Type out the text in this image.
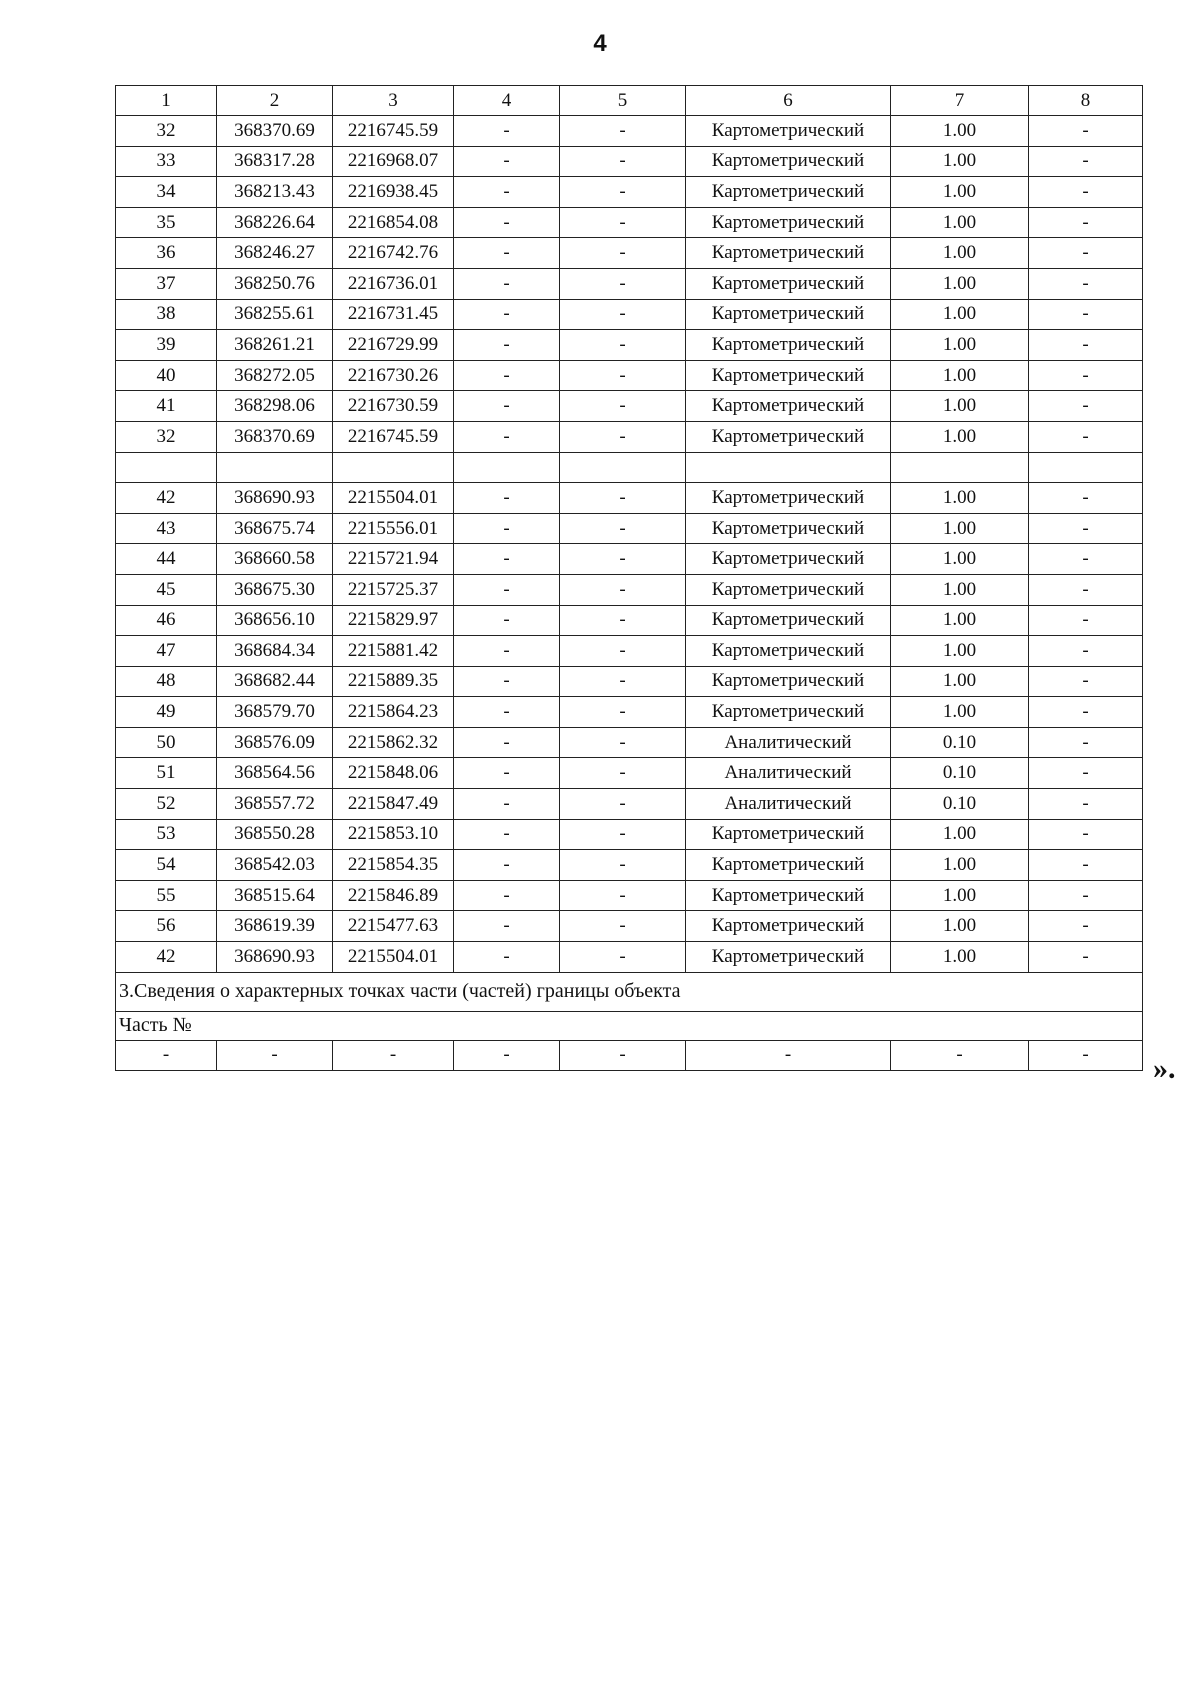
4
1	2	3	4	5	6	7	8
32	368370.69	2216745.59	-	-	Картометрический	1.00	-
33	368317.28	2216968.07	-	-	Картометрический	1.00	-
34	368213.43	2216938.45	-	-	Картометрический	1.00	-
35	368226.64	2216854.08	-	-	Картометрический	1.00	-
36	368246.27	2216742.76	-	-	Картометрический	1.00	-
37	368250.76	2216736.01	-	-	Картометрический	1.00	-
38	368255.61	2216731.45	-	-	Картометрический	1.00	-
39	368261.21	2216729.99	-	-	Картометрический	1.00	-
40	368272.05	2216730.26	-	-	Картометрический	1.00	-
41	368298.06	2216730.59	-	-	Картометрический	1.00	-
32	368370.69	2216745.59	-	-	Картометрический	1.00	-

42	368690.93	2215504.01	-	-	Картометрический	1.00	-
43	368675.74	2215556.01	-	-	Картометрический	1.00	-
44	368660.58	2215721.94	-	-	Картометрический	1.00	-
45	368675.30	2215725.37	-	-	Картометрический	1.00	-
46	368656.10	2215829.97	-	-	Картометрический	1.00	-
47	368684.34	2215881.42	-	-	Картометрический	1.00	-
48	368682.44	2215889.35	-	-	Картометрический	1.00	-
49	368579.70	2215864.23	-	-	Картометрический	1.00	-
50	368576.09	2215862.32	-	-	Аналитический	0.10	-
51	368564.56	2215848.06	-	-	Аналитический	0.10	-
52	368557.72	2215847.49	-	-	Аналитический	0.10	-
53	368550.28	2215853.10	-	-	Картометрический	1.00	-
54	368542.03	2215854.35	-	-	Картометрический	1.00	-
55	368515.64	2215846.89	-	-	Картометрический	1.00	-
56	368619.39	2215477.63	-	-	Картометрический	1.00	-
42	368690.93	2215504.01	-	-	Картометрический	1.00	-
3.Сведения о характерных точках части (частей) границы объекта							
Часть №							
-	-	-	-	-	-	-	- ».
